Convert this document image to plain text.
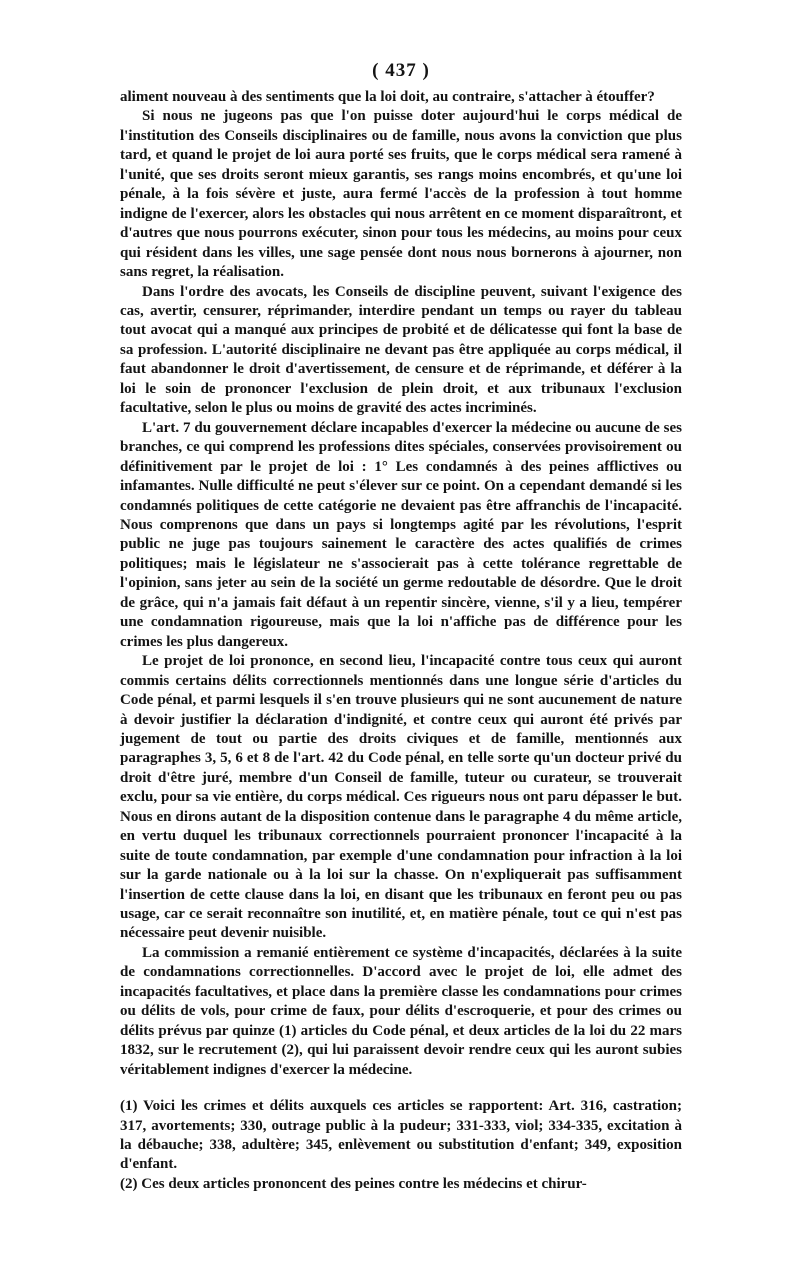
( 437 )

aliment nouveau à des sentiments que la loi doit, au contraire, s'attacher à étouffer?

Si nous ne jugeons pas que l'on puisse doter aujourd'hui le corps médical de l'institution des Conseils disciplinaires ou de famille, nous avons la conviction que plus tard, et quand le projet de loi aura porté ses fruits, que le corps médical sera ramené à l'unité, que ses droits seront mieux garantis, ses rangs moins encombrés, et qu'une loi pénale, à la fois sévère et juste, aura fermé l'accès de la profession à tout homme indigne de l'exercer, alors les obstacles qui nous arrêtent en ce moment disparaîtront, et d'autres que nous pourrons exécuter, sinon pour tous les médecins, au moins pour ceux qui résident dans les villes, une sage pensée dont nous nous bornerons à ajourner, non sans regret, la réalisation.

Dans l'ordre des avocats, les Conseils de discipline peuvent, suivant l'exigence des cas, avertir, censurer, réprimander, interdire pendant un temps ou rayer du tableau tout avocat qui a manqué aux principes de probité et de délicatesse qui font la base de sa profession. L'autorité disciplinaire ne devant pas être appliquée au corps médical, il faut abandonner le droit d'avertissement, de censure et de réprimande, et déférer à la loi le soin de prononcer l'exclusion de plein droit, et aux tribunaux l'exclusion facultative, selon le plus ou moins de gravité des actes incriminés.

L'art. 7 du gouvernement déclare incapables d'exercer la médecine ou aucune de ses branches, ce qui comprend les professions dites spéciales, conservées provisoirement ou définitivement par le projet de loi : 1° Les condamnés à des peines afflictives ou infamantes. Nulle difficulté ne peut s'élever sur ce point. On a cependant demandé si les condamnés politiques de cette catégorie ne devaient pas être affranchis de l'incapacité. Nous comprenons que dans un pays si longtemps agité par les révolutions, l'esprit public ne juge pas toujours sainement le caractère des actes qualifiés de crimes politiques; mais le législateur ne s'associerait pas à cette tolérance regrettable de l'opinion, sans jeter au sein de la société un germe redoutable de désordre. Que le droit de grâce, qui n'a jamais fait défaut à un repentir sincère, vienne, s'il y a lieu, tempérer une condamnation rigoureuse, mais que la loi n'affiche pas de différence pour les crimes les plus dangereux.

Le projet de loi prononce, en second lieu, l'incapacité contre tous ceux qui auront commis certains délits correctionnels mentionnés dans une longue série d'articles du Code pénal, et parmi lesquels il s'en trouve plusieurs qui ne sont aucunement de nature à devoir justifier la déclaration d'indignité, et contre ceux qui auront été privés par jugement de tout ou partie des droits civiques et de famille, mentionnés aux paragraphes 3, 5, 6 et 8 de l'art. 42 du Code pénal, en telle sorte qu'un docteur privé du droit d'être juré, membre d'un Conseil de famille, tuteur ou curateur, se trouverait exclu, pour sa vie entière, du corps médical. Ces rigueurs nous ont paru dépasser le but. Nous en dirons autant de la disposition contenue dans le paragraphe 4 du même article, en vertu duquel les tribunaux correctionnels pourraient prononcer l'incapacité à la suite de toute condamnation, par exemple d'une condamnation pour infraction à la loi sur la garde nationale ou à la loi sur la chasse. On n'expliquerait pas suffisamment l'insertion de cette clause dans la loi, en disant que les tribunaux en feront peu ou pas usage, car ce serait reconnaître son inutilité, et, en matière pénale, tout ce qui n'est pas nécessaire peut devenir nuisible.

La commission a remanié entièrement ce système d'incapacités, déclarées à la suite de condamnations correctionnelles. D'accord avec le projet de loi, elle admet des incapacités facultatives, et place dans la première classe les condamnations pour crimes ou délits de vols, pour crime de faux, pour délits d'escroquerie, et pour des crimes ou délits prévus par quinze (1) articles du Code pénal, et deux articles de la loi du 22 mars 1832, sur le recrutement (2), qui lui paraissent devoir rendre ceux qui les auront subies véritablement indignes d'exercer la médecine.

(1) Voici les crimes et délits auxquels ces articles se rapportent: Art. 316, castration; 317, avortements; 330, outrage public à la pudeur; 331-333, viol; 334-335, excitation à la débauche; 338, adultère; 345, enlèvement ou substitution d'enfant; 349, exposition d'enfant.

(2) Ces deux articles prononcent des peines contre les médecins et chirur-
